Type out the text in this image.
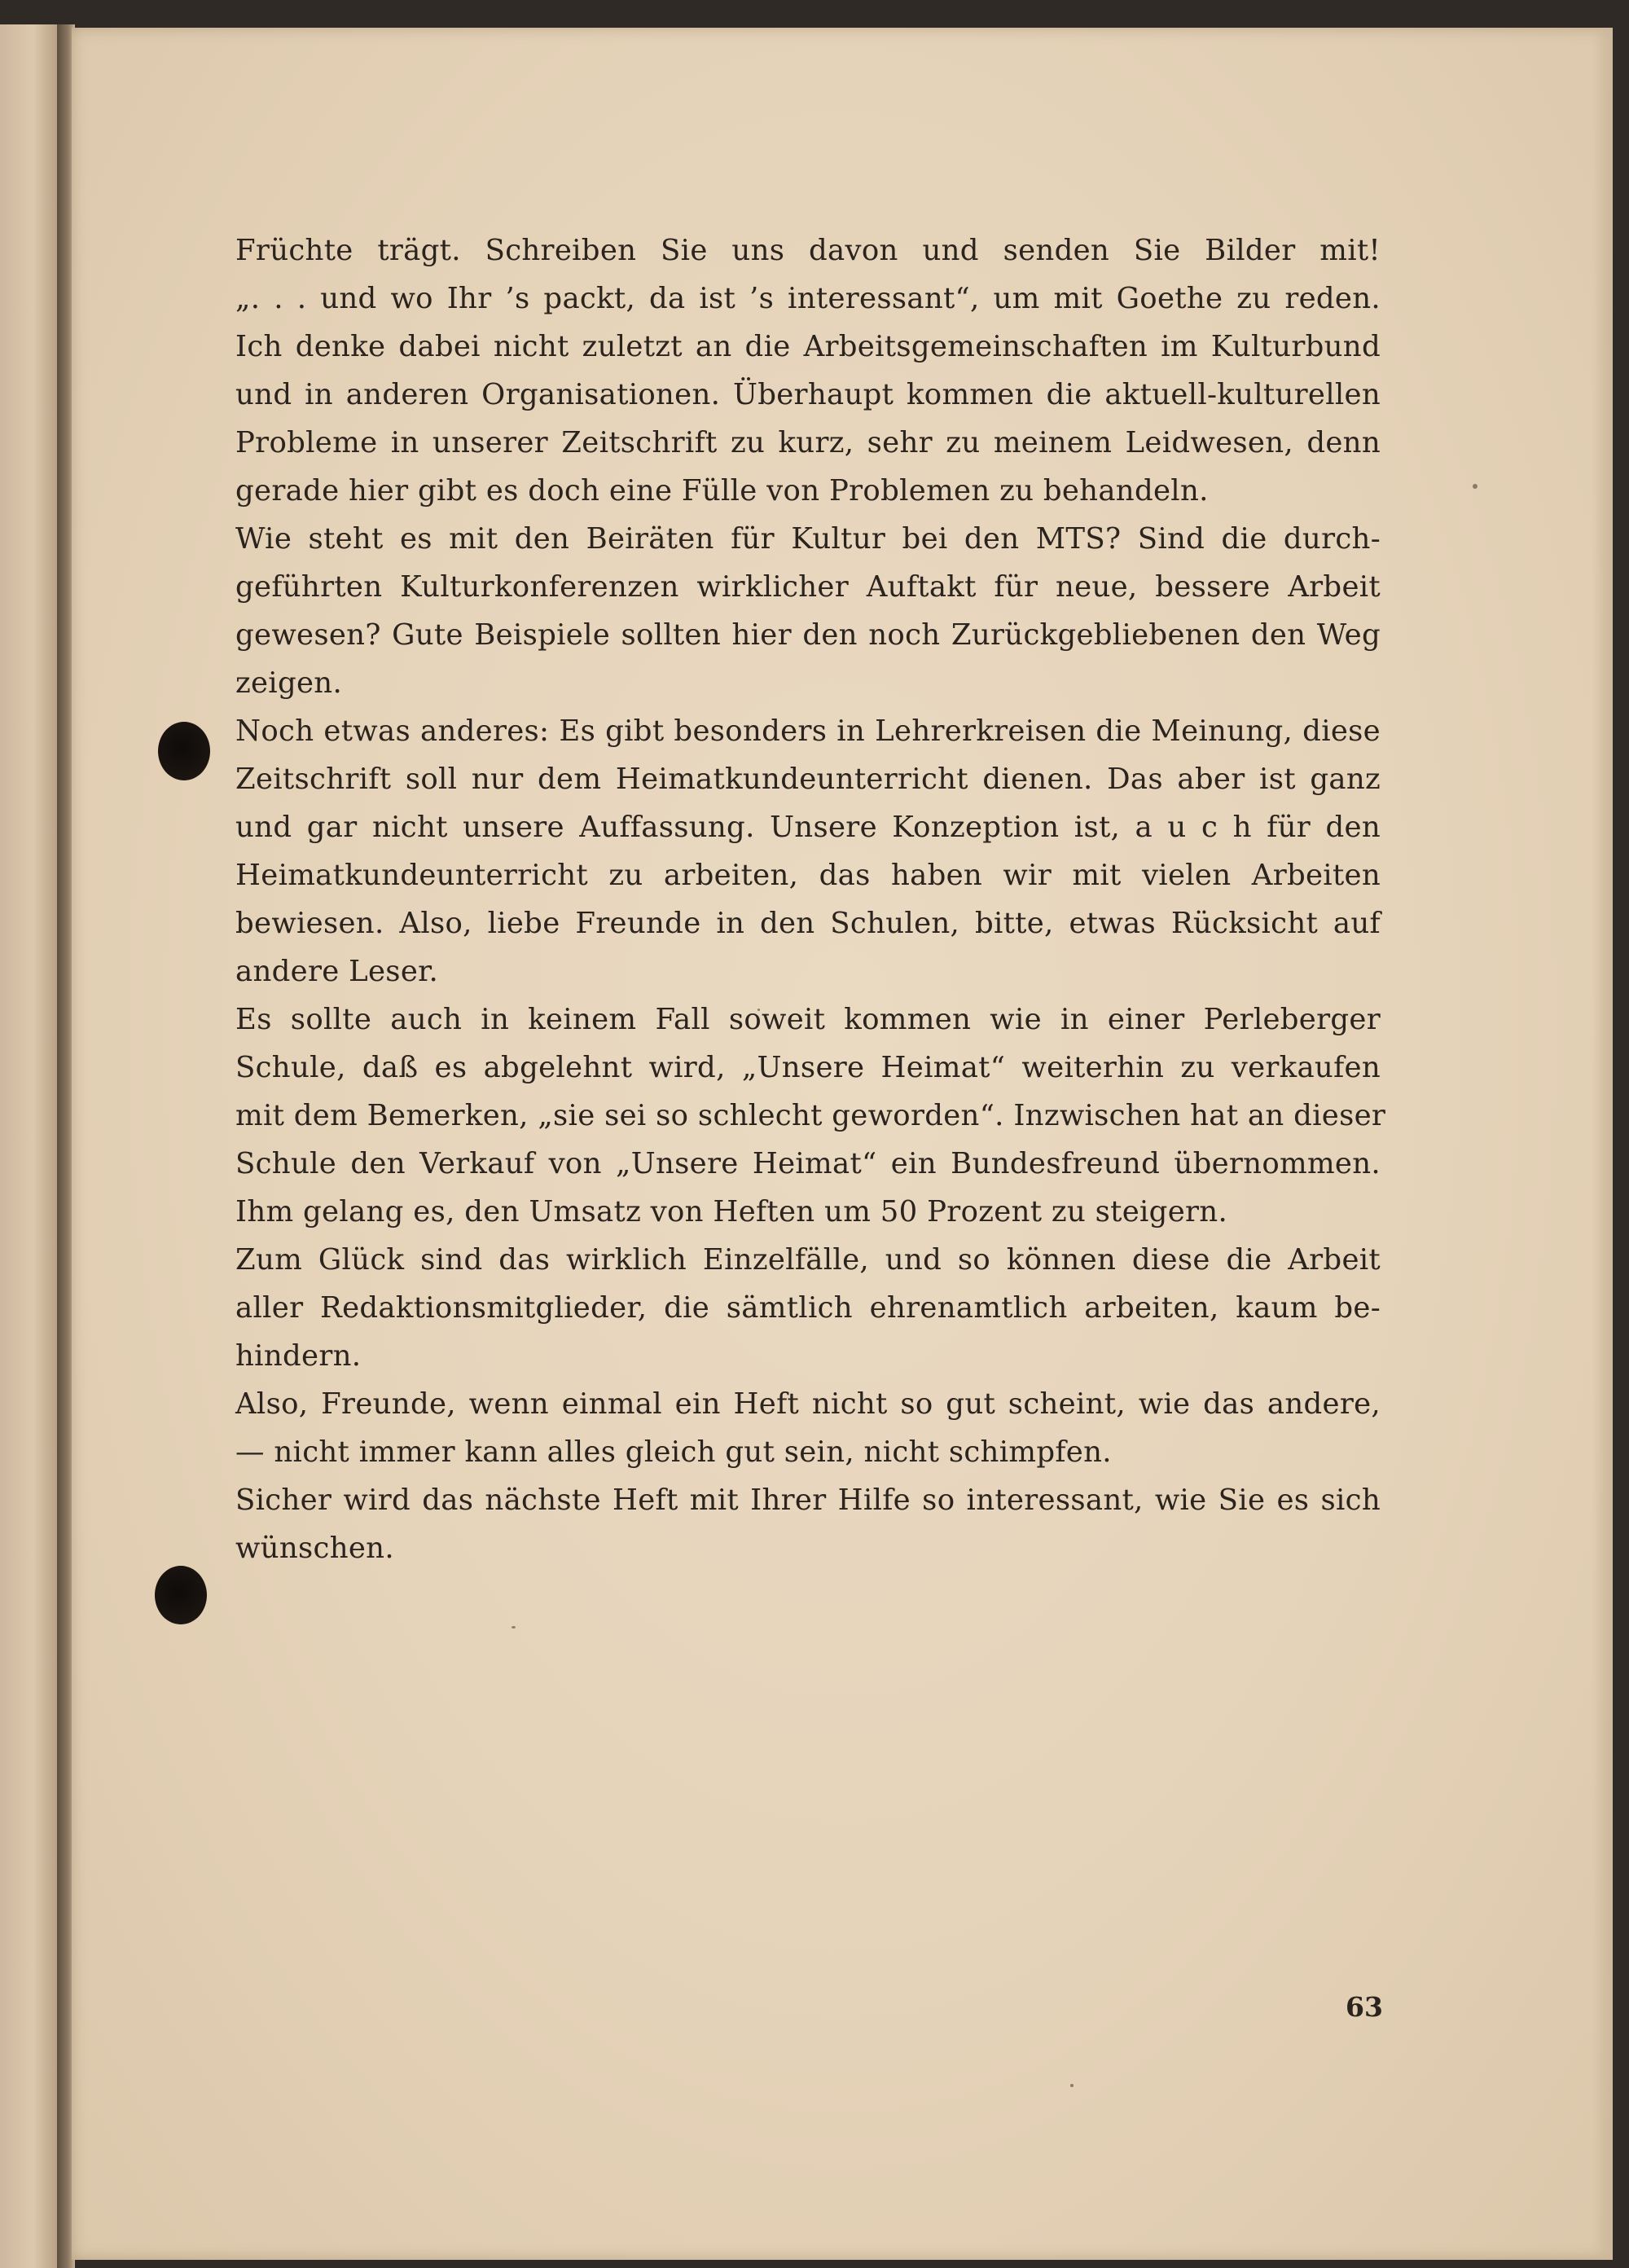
Früchte trägt. Schreiben Sie uns davon und senden Sie Bilder mit!
„. . . und wo Ihr ’s packt, da ist ’s interessant“, um mit Goethe zu reden.
Ich denke dabei nicht zuletzt an die Arbeitsgemeinschaften im Kulturbund
und in anderen Organisationen. Überhaupt kommen die aktuell-kulturellen
Probleme in unserer Zeitschrift zu kurz, sehr zu meinem Leidwesen, denn
gerade hier gibt es doch eine Fülle von Problemen zu behandeln.
Wie steht es mit den Beiräten für Kultur bei den MTS? Sind die durch-
geführten Kulturkonferenzen wirklicher Auftakt für neue, bessere Arbeit
gewesen? Gute Beispiele sollten hier den noch Zurückgebliebenen den Weg
zeigen.
Noch etwas anderes: Es gibt besonders in Lehrerkreisen die Meinung, diese
Zeitschrift soll nur dem Heimatkundeunterricht dienen. Das aber ist ganz
und gar nicht unsere Auffassung. Unsere Konzeption ist, a u c h für den
Heimatkundeunterricht zu arbeiten, das haben wir mit vielen Arbeiten
bewiesen. Also, liebe Freunde in den Schulen, bitte, etwas Rücksicht auf
andere Leser.
Es sollte auch in keinem Fall soweit kommen wie in einer Perleberger
Schule, daß es abgelehnt wird, „Unsere Heimat“ weiterhin zu verkaufen
mit dem Bemerken, „sie sei so schlecht geworden“. Inzwischen hat an dieser
Schule den Verkauf von „Unsere Heimat“ ein Bundesfreund übernommen.
Ihm gelang es, den Umsatz von Heften um 50 Prozent zu steigern.
Zum Glück sind das wirklich Einzelfälle, und so können diese die Arbeit
aller Redaktionsmitglieder, die sämtlich ehrenamtlich arbeiten, kaum be-
hindern.
Also, Freunde, wenn einmal ein Heft nicht so gut scheint, wie das andere,
— nicht immer kann alles gleich gut sein, nicht schimpfen.
Sicher wird das nächste Heft mit Ihrer Hilfe so interessant, wie Sie es sich
wünschen.
63
